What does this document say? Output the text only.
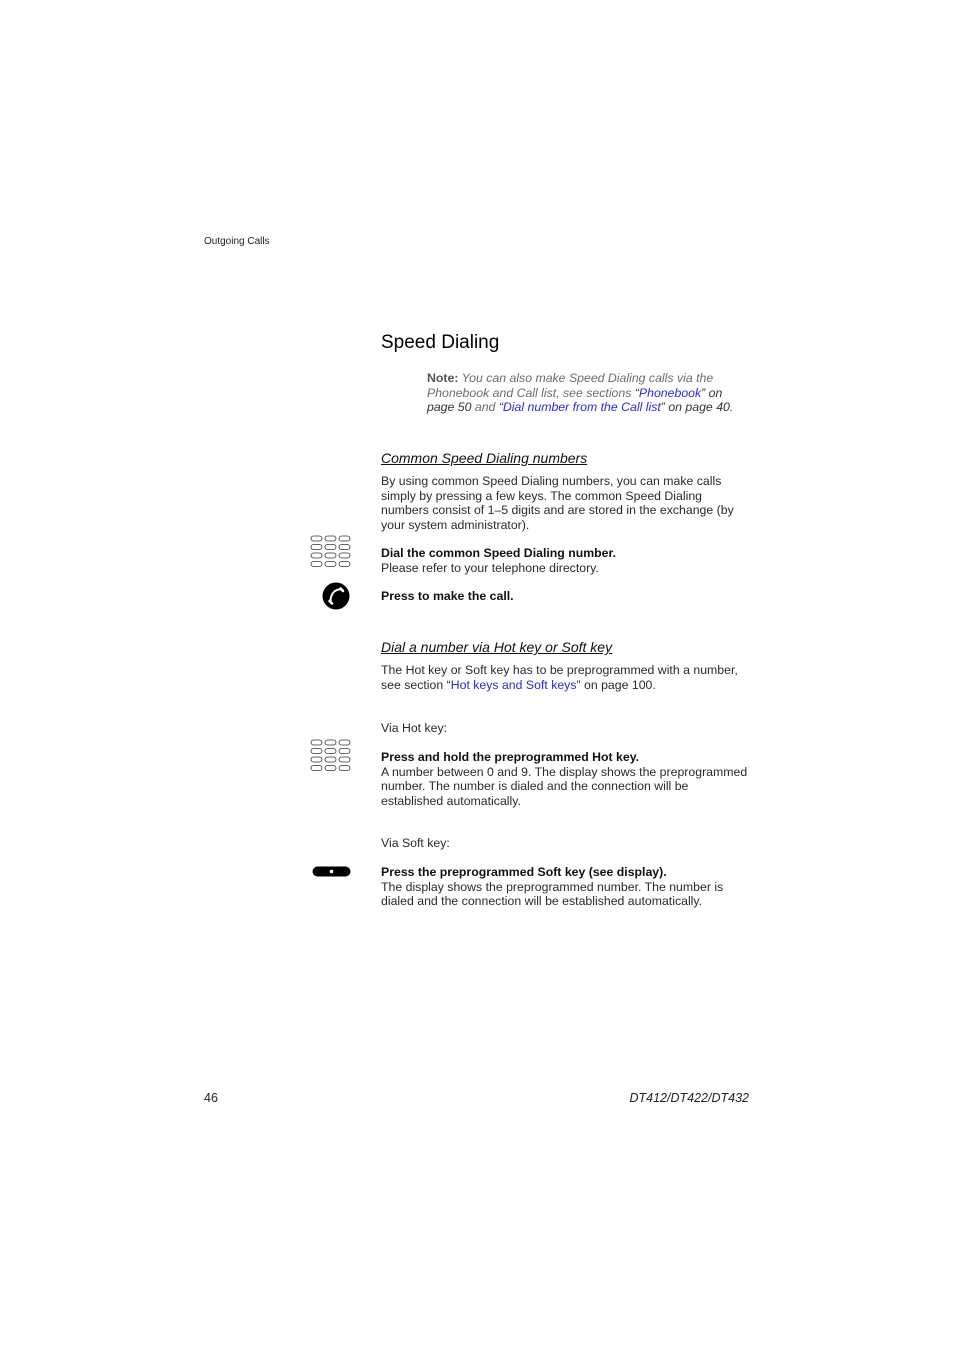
Outgoing Calls
Speed Dialing
Note: You can also make Speed Dialing calls via the Phonebook and Call list, see sections “Phonebook” on page 50 and “Dial number from the Call list” on page 40.
Common Speed Dialing numbers
By using common Speed Dialing numbers, you can make calls simply by pressing a few keys. The common Speed Dialing numbers consist of 1–5 digits and are stored in the exchange (by your system administrator).
Dial the common Speed Dialing number.
Please refer to your telephone directory.
Press to make the call.
Dial a number via Hot key or Soft key
The Hot key or Soft key has to be preprogrammed with a number, see section “Hot keys and Soft keys” on page 100.
Via Hot key:
Press and hold the preprogrammed Hot key.
A number between 0 and 9. The display shows the preprogrammed number. The number is dialed and the connection will be established automatically.
Via Soft key:
Press the preprogrammed Soft key (see display).
The display shows the preprogrammed number. The number is dialed and the connection will be established automatically.
46	DT412/DT422/DT432
